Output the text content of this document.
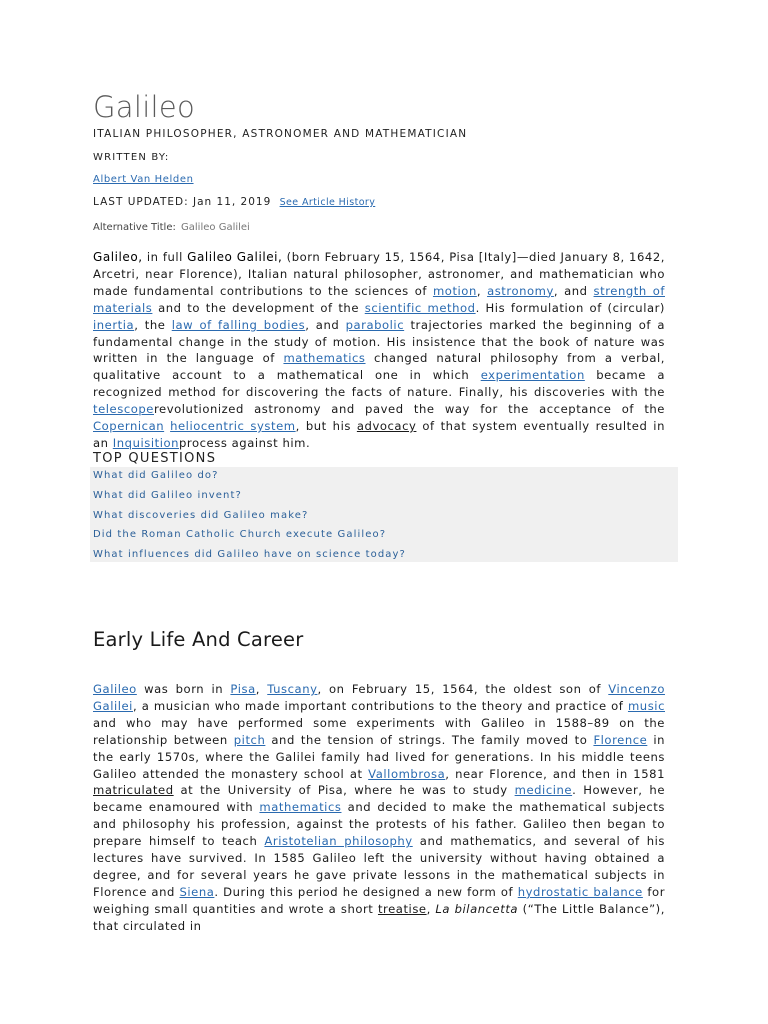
Galileo
ITALIAN PHILOSOPHER, ASTRONOMER AND MATHEMATICIAN
WRITTEN BY:
Albert Van Helden
LAST UPDATED: Jan 11, 2019 See Article History
Alternative Title: Galileo Galilei

Galileo, in full Galileo Galilei, (born February 15, 1564, Pisa [Italy]—died January 8, 1642, Arcetri, near Florence), Italian natural philosopher, astronomer, and mathematician who made fundamental contributions to the sciences of motion, astronomy, and strength of materials and to the development of the scientific method. His formulation of (circular) inertia, the law of falling bodies, and parabolic trajectories marked the beginning of a fundamental change in the study of motion. His insistence that the book of nature was written in the language of mathematics changed natural philosophy from a verbal, qualitative account to a mathematical one in which experimentation became a recognized method for discovering the facts of nature. Finally, his discoveries with the telescoperevolutionized astronomy and paved the way for the acceptance of the Copernican heliocentric system, but his advocacy of that system eventually resulted in an Inquisitionprocess against him.

TOP QUESTIONS
What did Galileo do?
What did Galileo invent?
What discoveries did Galileo make?
Did the Roman Catholic Church execute Galileo?
What influences did Galileo have on science today?
Early Life And Career

Galileo was born in Pisa, Tuscany, on February 15, 1564, the oldest son of Vincenzo Galilei, a musician who made important contributions to the theory and practice of music and who may have performed some experiments with Galileo in 1588–89 on the relationship between pitch and the tension of strings. The family moved to Florence in the early 1570s, where the Galilei family had lived for generations. In his middle teens Galileo attended the monastery school at Vallombrosa, near Florence, and then in 1581 matriculated at the University of Pisa, where he was to study medicine. However, he became enamoured with mathematics and decided to make the mathematical subjects and philosophy his profession, against the protests of his father. Galileo then began to prepare himself to teach Aristotelian philosophy and mathematics, and several of his lectures have survived. In 1585 Galileo left the university without having obtained a degree, and for several years he gave private lessons in the mathematical subjects in Florence and Siena. During this period he designed a new form of hydrostatic balance for weighing small quantities and wrote a short treatise, La bilancetta (“The Little Balance”), that circulated in
